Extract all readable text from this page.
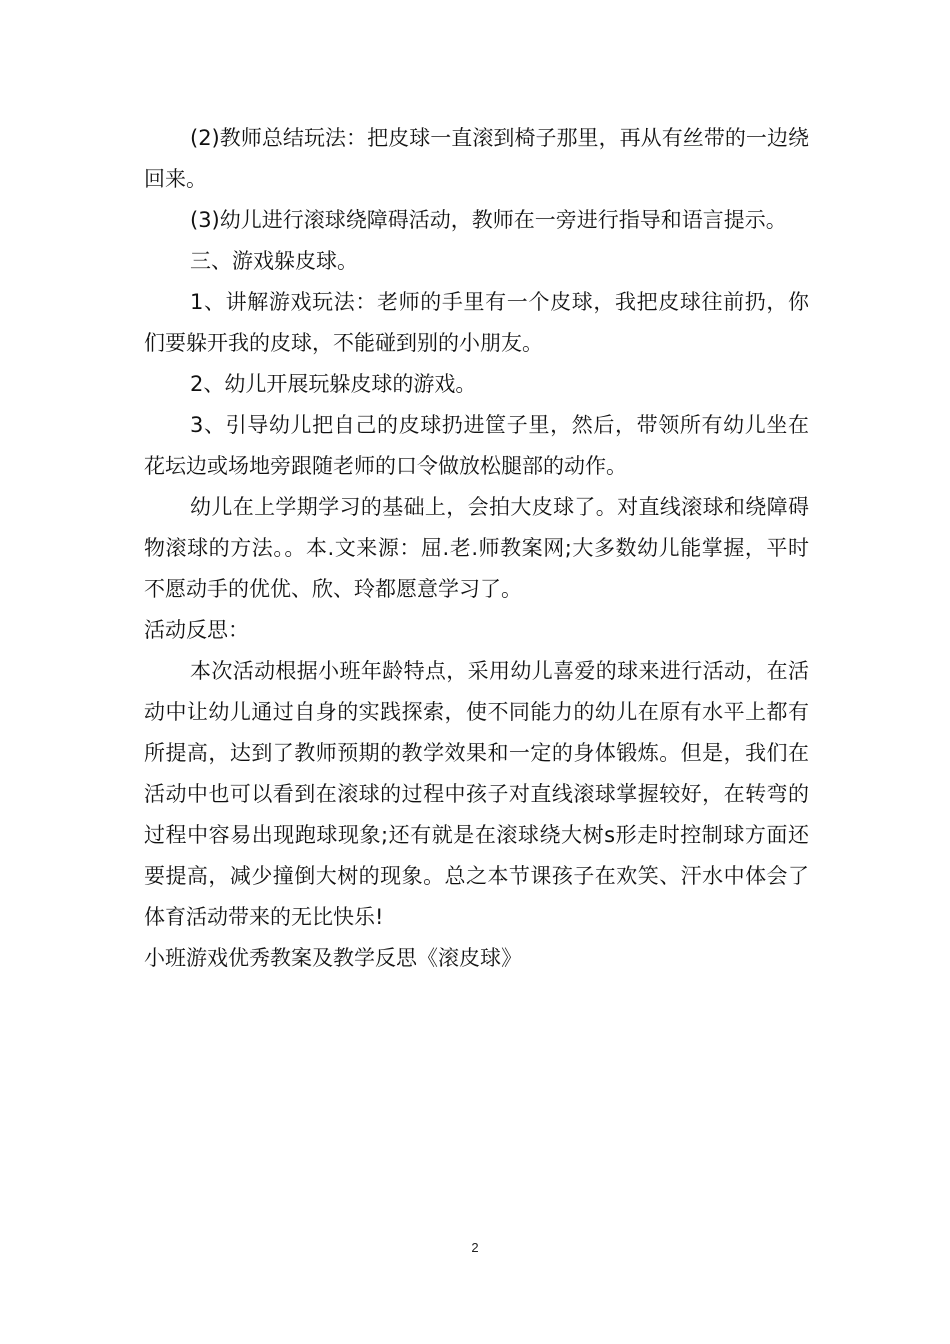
(2)教师总结玩法：把皮球一直滚到椅子那里，再从有丝带的一边绕回来。

(3)幼儿进行滚球绕障碍活动，教师在一旁进行指导和语言提示。

三、游戏躲皮球。

1、讲解游戏玩法：老师的手里有一个皮球，我把皮球往前扔，你们要躲开我的皮球，不能碰到别的小朋友。

2、幼儿开展玩躲皮球的游戏。

3、引导幼儿把自己的皮球扔进筐子里，然后，带领所有幼儿坐在花坛边或场地旁跟随老师的口令做放松腿部的动作。

幼儿在上学期学习的基础上，会拍大皮球了。对直线滚球和绕障碍物滚球的方法。。本.文来源：屈.老.师教案网;大多数幼儿能掌握，平时不愿动手的优优、欣、玲都愿意学习了。

活动反思：

本次活动根据小班年龄特点，采用幼儿喜爱的球来进行活动，在活动中让幼儿通过自身的实践探索，使不同能力的幼儿在原有水平上都有所提高，达到了教师预期的教学效果和一定的身体锻炼。但是，我们在活动中也可以看到在滚球的过程中孩子对直线滚球掌握较好，在转弯的过程中容易出现跑球现象;还有就是在滚球绕大树s形走时控制球方面还要提高，减少撞倒大树的现象。总之本节课孩子在欢笑、汗水中体会了体育活动带来的无比快乐!

小班游戏优秀教案及教学反思《滚皮球》

2
